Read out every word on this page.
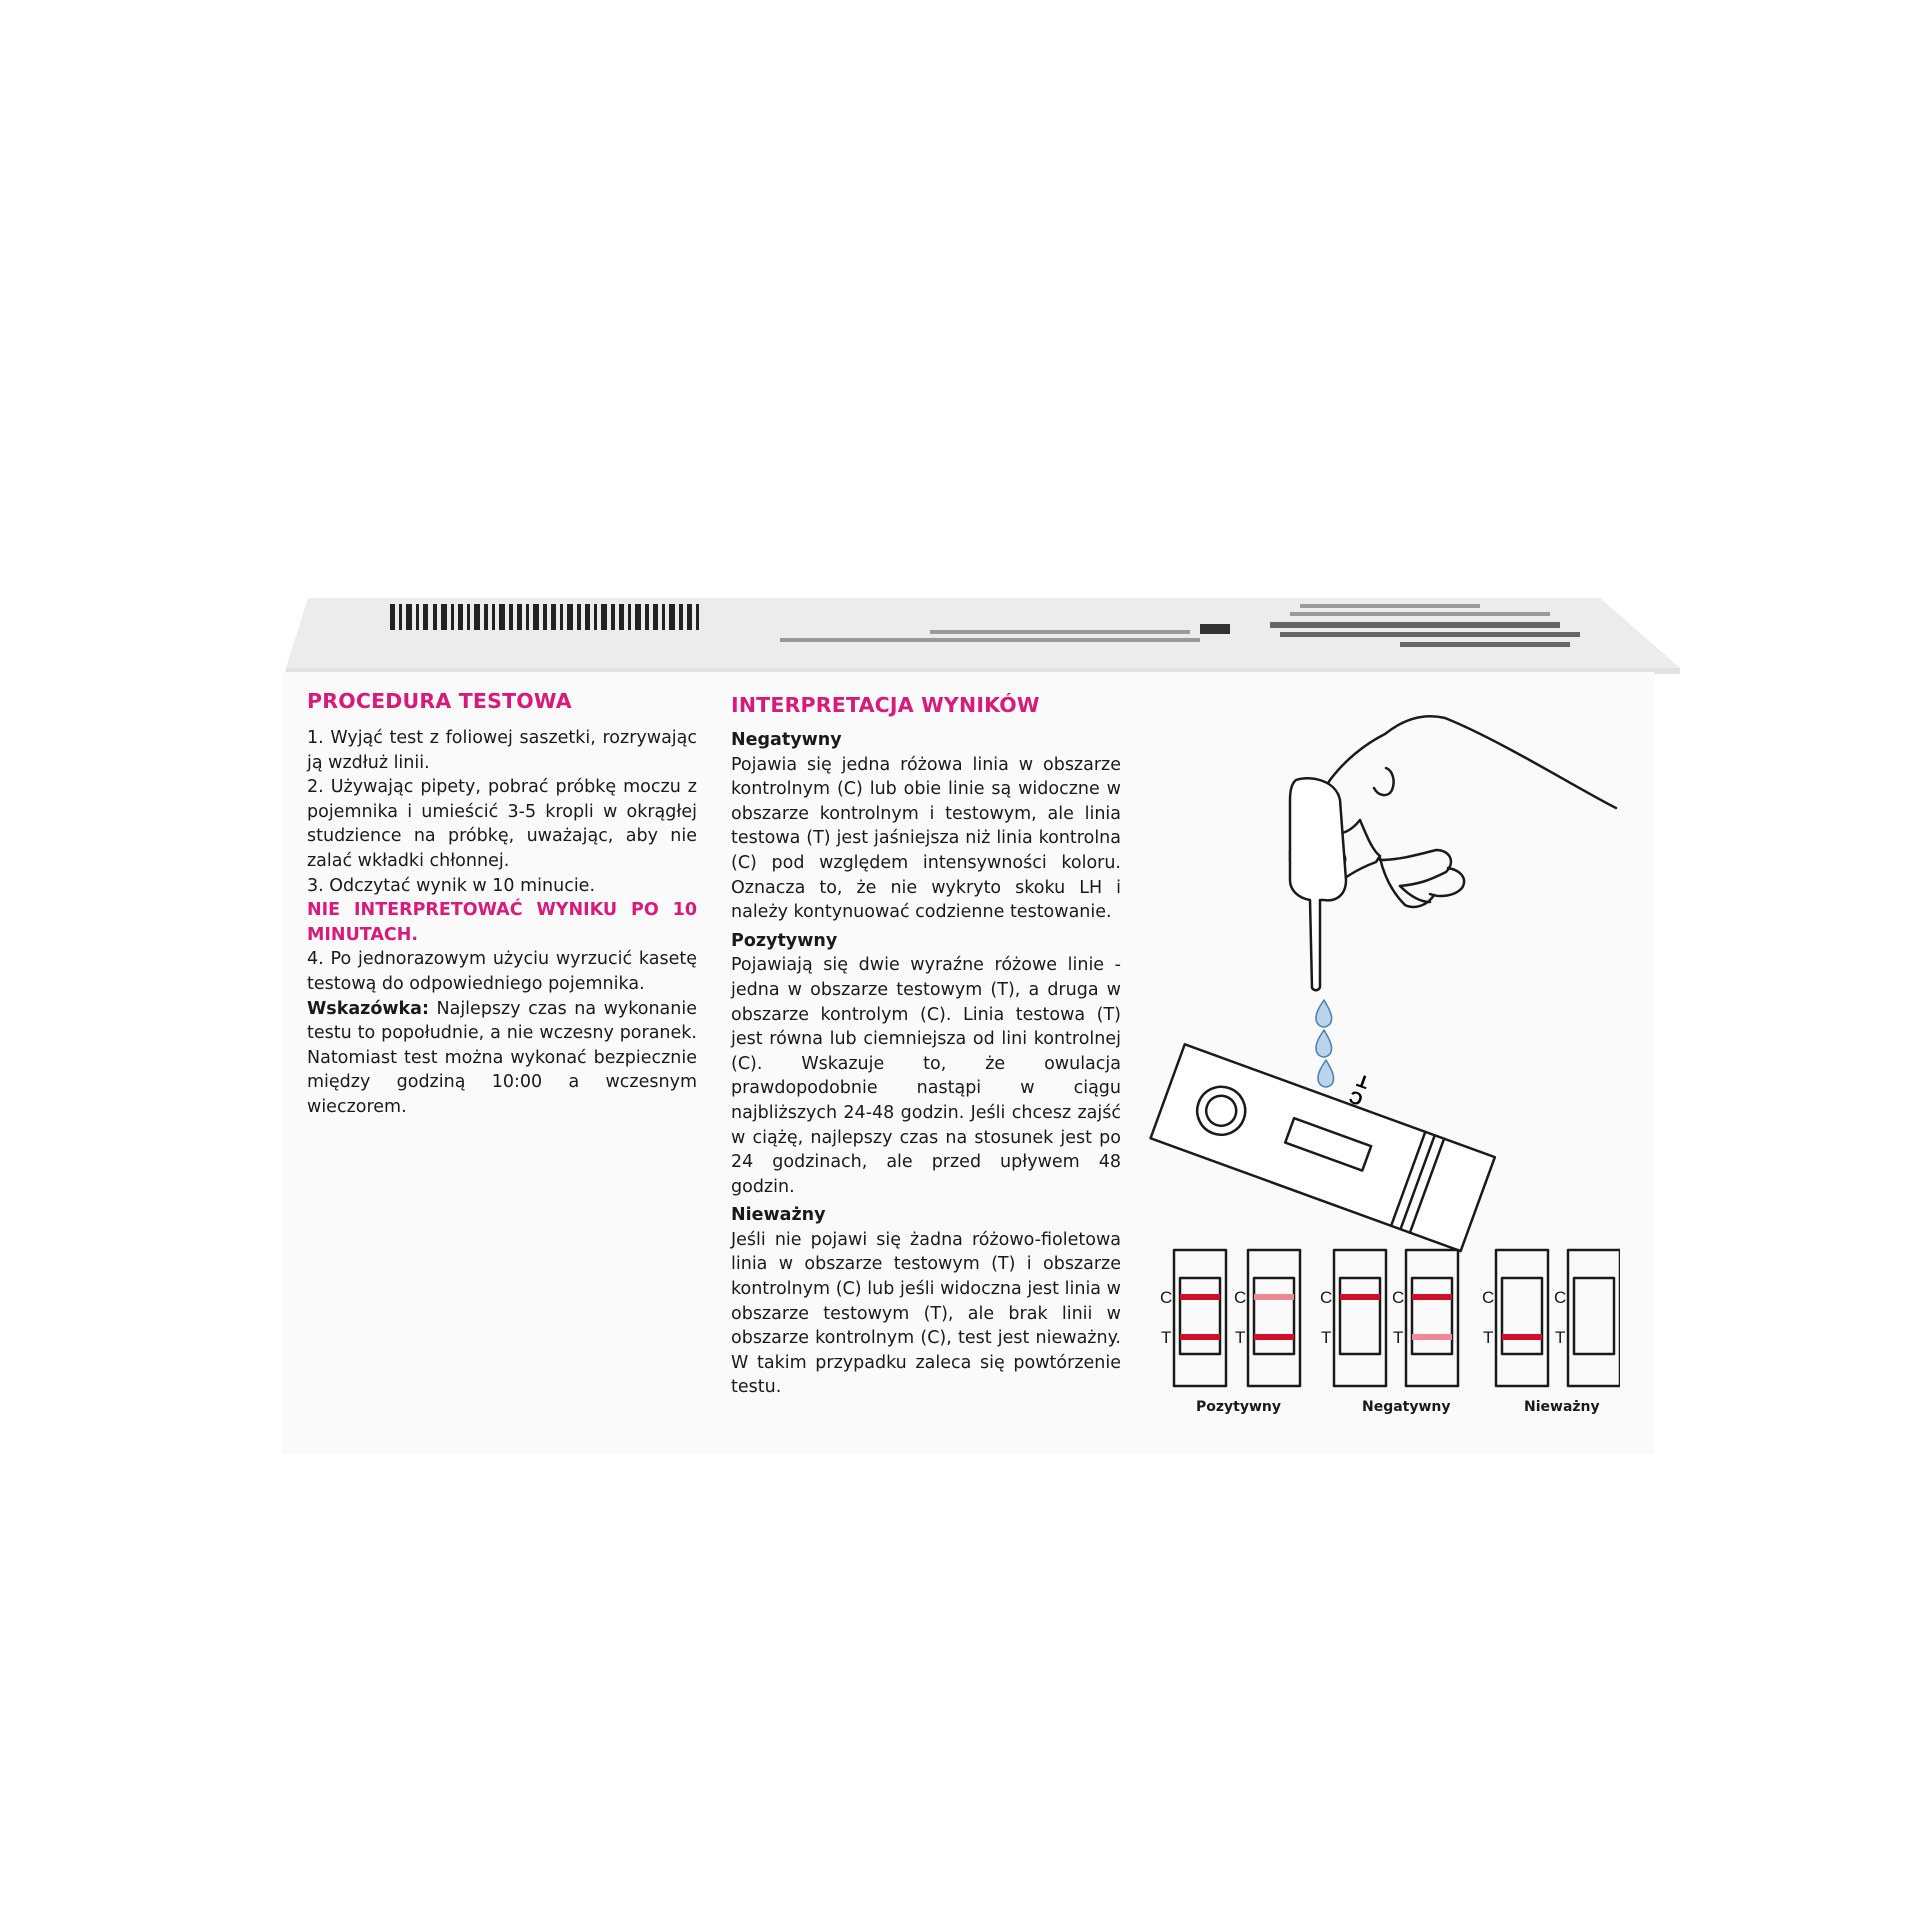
PROCEDURA TESTOWA

1. Wyjąć test z foliowej saszetki, rozrywając ją wzdłuż linii.

2. Używając pipety, pobrać próbkę moczu z pojemnika i umieścić 3-5 kropli w okrągłej studzience na próbkę, uważając, aby nie zalać wkładki chłonnej.

3. Odczytać wynik w 10 minucie.

NIE INTERPRETOWAĆ WYNIKU PO 10 MINUTACH.

4. Po jednorazowym użyciu wyrzucić kasetę testową do odpowiedniego pojemnika.

Wskazówka: Najlepszy czas na wykonanie testu to popołudnie, a nie wczesny poranek. Natomiast test można wykonać bezpiecznie między godziną 10:00 a wczesnym wieczorem.

INTERPRETACJA WYNIKÓW
Negatywny

Pojawia się jedna różowa linia w obszarze kontrolnym (C) lub obie linie są widoczne w obszarze kontrolnym i testowym, ale linia testowa (T) jest jaśniejsza niż linia kontrolna (C) pod względem intensywności koloru. Oznacza to, że nie wykryto skoku LH i należy kontynuować codzienne testowanie.

Pozytywny

Pojawiają się dwie wyraźne różowe linie - jedna w obszarze testowym (T), a druga w obszarze kontrolym (C). Linia testowa (T) jest równa lub ciemniejsza od lini kontrolnej (C). Wskazuje to, że owulacja prawdopodobnie nastąpi w ciągu najbliższych 24-48 godzin. Jeśli chcesz zajść w ciążę, najlepszy czas na stosunek jest po 24 godzinach, ale przed upływem 48 godzin.

Nieważny

Jeśli nie pojawi się żadna różowo-fioletowa linia w obszarze testowym (T) i obszarze kontrolnym (C) lub jeśli widoczna jest linia w obszarze testowym (T), ale brak linii w obszarze kontrolnym (C), test jest nieważny. W takim przypadku zaleca się powtórzenie testu.

C
T
C
T
C
T
C
T
C
T
C
T
C
T
Pozytywny	Negatywny	Nieważny
